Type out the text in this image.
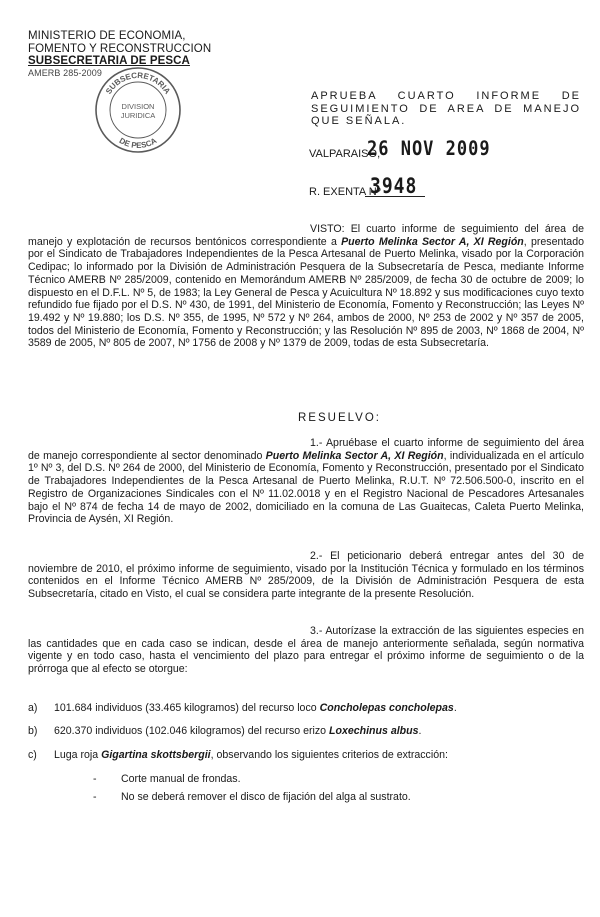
MINISTERIO DE ECONOMIA,
FOMENTO Y RECONSTRUCCION
SUBSECRETARIA DE PESCA
AMERB 285-2009
SUBSECRETARIA
DE PESCA
DIVISION
JURIDICA
APRUEBA CUARTO INFORME DE SEGUIMIENTO DE AREA DE MANEJO QUE SEÑALA.
VALPARAISO,
26 NOV 2009
R. EXENTA Nº
3948
VISTO: El cuarto informe de seguimiento del área de manejo y explotación de recursos bentónicos correspondiente a Puerto Melinka Sector A, XI Región, presentado por el Sindicato de Trabajadores Independientes de la Pesca Artesanal de Puerto Melinka, visado por la Corporación Cedipac; lo informado por la División de Administración Pesquera de la Subsecretaría de Pesca, mediante Informe Técnico AMERB Nº 285/2009, contenido en Memorándum AMERB Nº 285/2009, de fecha 30 de octubre de 2009; lo dispuesto en el D.F.L. Nº 5, de 1983; la Ley General de Pesca y Acuicultura Nº 18.892 y sus modificaciones cuyo texto refundido fue fijado por el D.S. Nº 430, de 1991, del Ministerio de Economía, Fomento y Reconstrucción; las Leyes Nº 19.492 y Nº 19.880; los D.S. Nº 355, de 1995, Nº 572 y Nº 264, ambos de 2000, Nº 253 de 2002 y Nº 357 de 2005, todos del Ministerio de Economía, Fomento y Reconstrucción; y las Resolución Nº 895 de 2003, Nº 1868 de 2004, Nº 3589 de 2005, Nº 805 de 2007, Nº 1756 de 2008 y Nº 1379 de 2009, todas de esta Subsecretaría.
RESUELVO:
1.- Apruébase el cuarto informe de seguimiento del área de manejo correspondiente al sector denominado Puerto Melinka Sector A, XI Región, individualizada en el artículo 1º Nº 3, del D.S. Nº 264 de 2000, del Ministerio de Economía, Fomento y Reconstrucción, presentado por el Sindicato de Trabajadores Independientes de la Pesca Artesanal de Puerto Melinka, R.U.T. Nº 72.506.500-0, inscrito en el Registro de Organizaciones Sindicales con el Nº 11.02.0018 y en el Registro Nacional de Pescadores Artesanales bajo el Nº 874 de fecha 14 de mayo de 2002, domiciliado en la comuna de Las Guaitecas, Caleta Puerto Melinka, Provincia de Aysén, XI Región.
2.- El peticionario deberá entregar antes del 30 de noviembre de 2010, el próximo informe de seguimiento, visado por la Institución Técnica y formulado en los términos contenidos en el Informe Técnico AMERB Nº 285/2009, de la División de Administración Pesquera de esta Subsecretaría, citado en Visto, el cual se considera parte integrante de la presente Resolución.
3.- Autorízase la extracción de las siguientes especies en las cantidades que en cada caso se indican, desde el área de manejo anteriormente señalada, según normativa vigente y en todo caso, hasta el vencimiento del plazo para entregar el próximo informe de seguimiento o de la prórroga que al efecto se otorgue:
a) 101.684 individuos (33.465 kilogramos) del recurso loco Concholepas concholepas.
b) 620.370 individuos (102.046 kilogramos) del recurso erizo Loxechinus albus.
c) Luga roja Gigartina skottsbergii, observando los siguientes criterios de extracción:
- Corte manual de frondas.
- No se deberá remover el disco de fijación del alga al sustrato.
